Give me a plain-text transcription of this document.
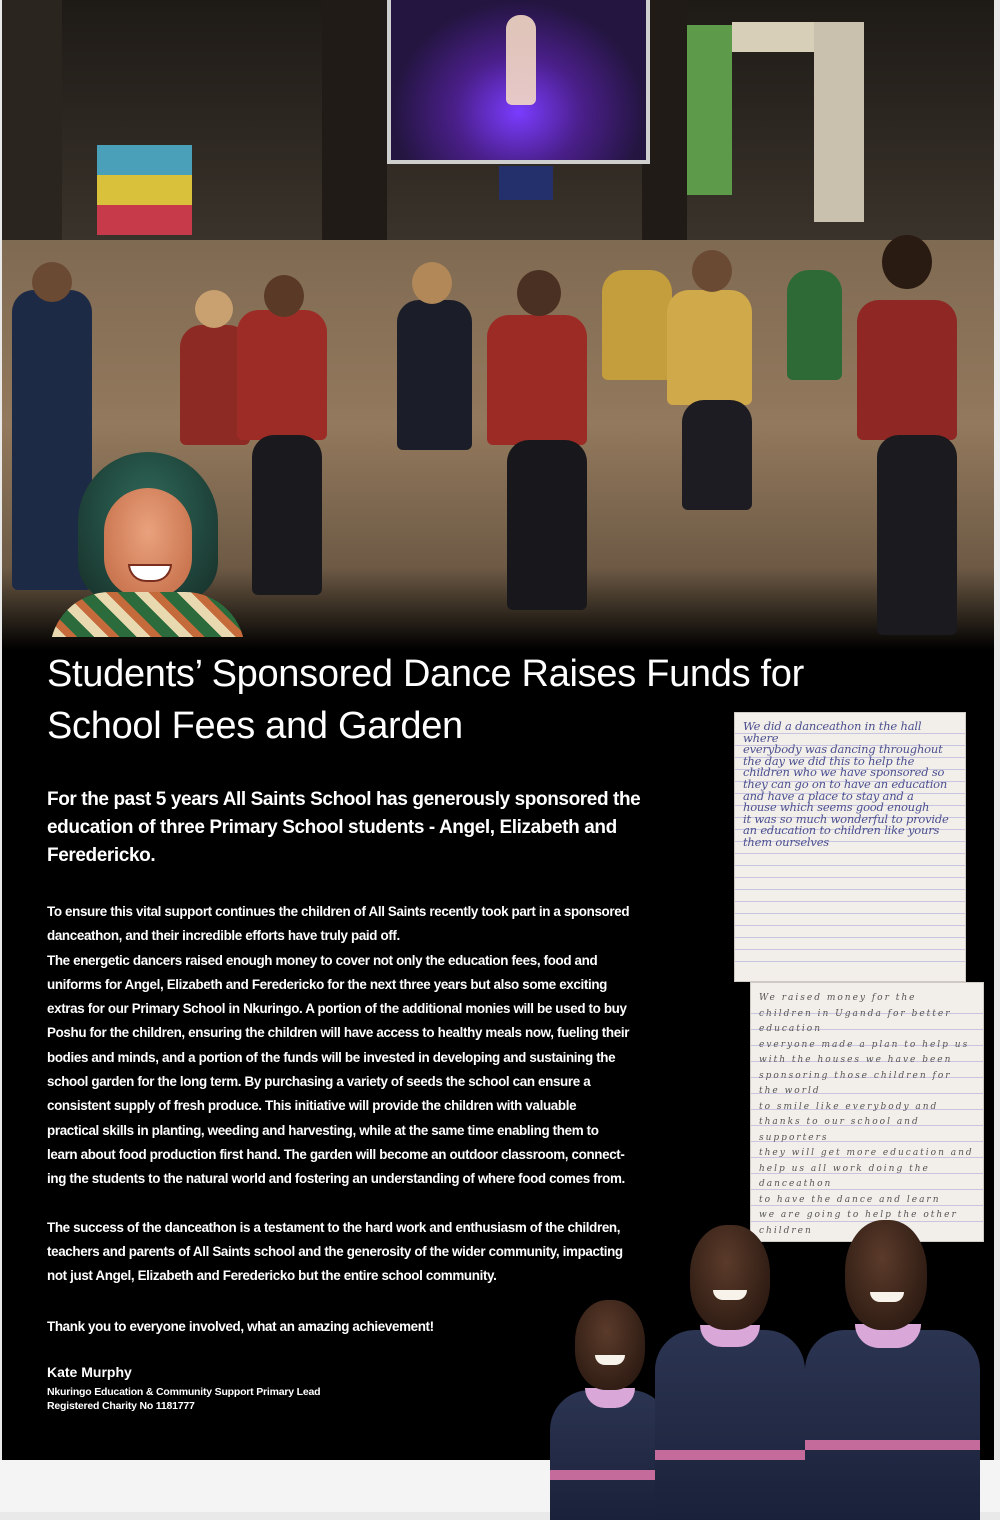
Students’ Sponsored Dance Raises Funds for
School Fees and Garden

For the past 5 years All Saints School has generously sponsored the
education of three Primary School students - Angel, Elizabeth and
Feredericko.

To ensure this vital support continues the children of All Saints recently took part in a sponsored

danceathon, and their incredible efforts have truly paid off.

The energetic dancers raised enough money to cover not only the education fees, food and

uniforms for Angel, Elizabeth and Feredericko for the next three years but also some exciting

extras for our Primary School in Nkuringo. A portion of the additional monies will be used to buy

Poshu for the children, ensuring the children will have access to healthy meals now, fueling their

bodies and minds, and a portion of the funds will be invested in developing and sustaining the

school garden for the long term. By purchasing a variety of seeds the school can ensure a

consistent supply of fresh produce. This initiative will provide the children with valuable

practical skills in planting, weeding and harvesting, while at the same time enabling them to

learn about food production first hand. The garden will become an outdoor classroom, connect-

ing the students to the natural world and fostering an understanding of where food comes from.

The success of the danceathon is a testament to the hard work and enthusiasm of the children,

teachers and parents of All Saints school and the generosity of the wider community, impacting

not just Angel, Elizabeth and Feredericko but the entire school community.

Thank you to everyone involved, what an amazing achievement!

Kate Murphy

Nkuringo Education & Community Support Primary Lead

Registered Charity No 1181777

We did a danceathon in the hall where
everybody was dancing throughout
the day we did this to help the
children who we have sponsored so
they can go on to have an education
and have a place to stay and a
house which seems good enough
it was so much wonderful to provide
an education to children like yours
them ourselves
We raised money for the
children in Uganda for better education
everyone made a plan to help us
with the houses we have been
sponsoring those children for the world
to smile like everybody and
thanks to our school and supporters
they will get more education and
help us all work doing the danceathon
to have the dance and learn
we are going to help the other
children
